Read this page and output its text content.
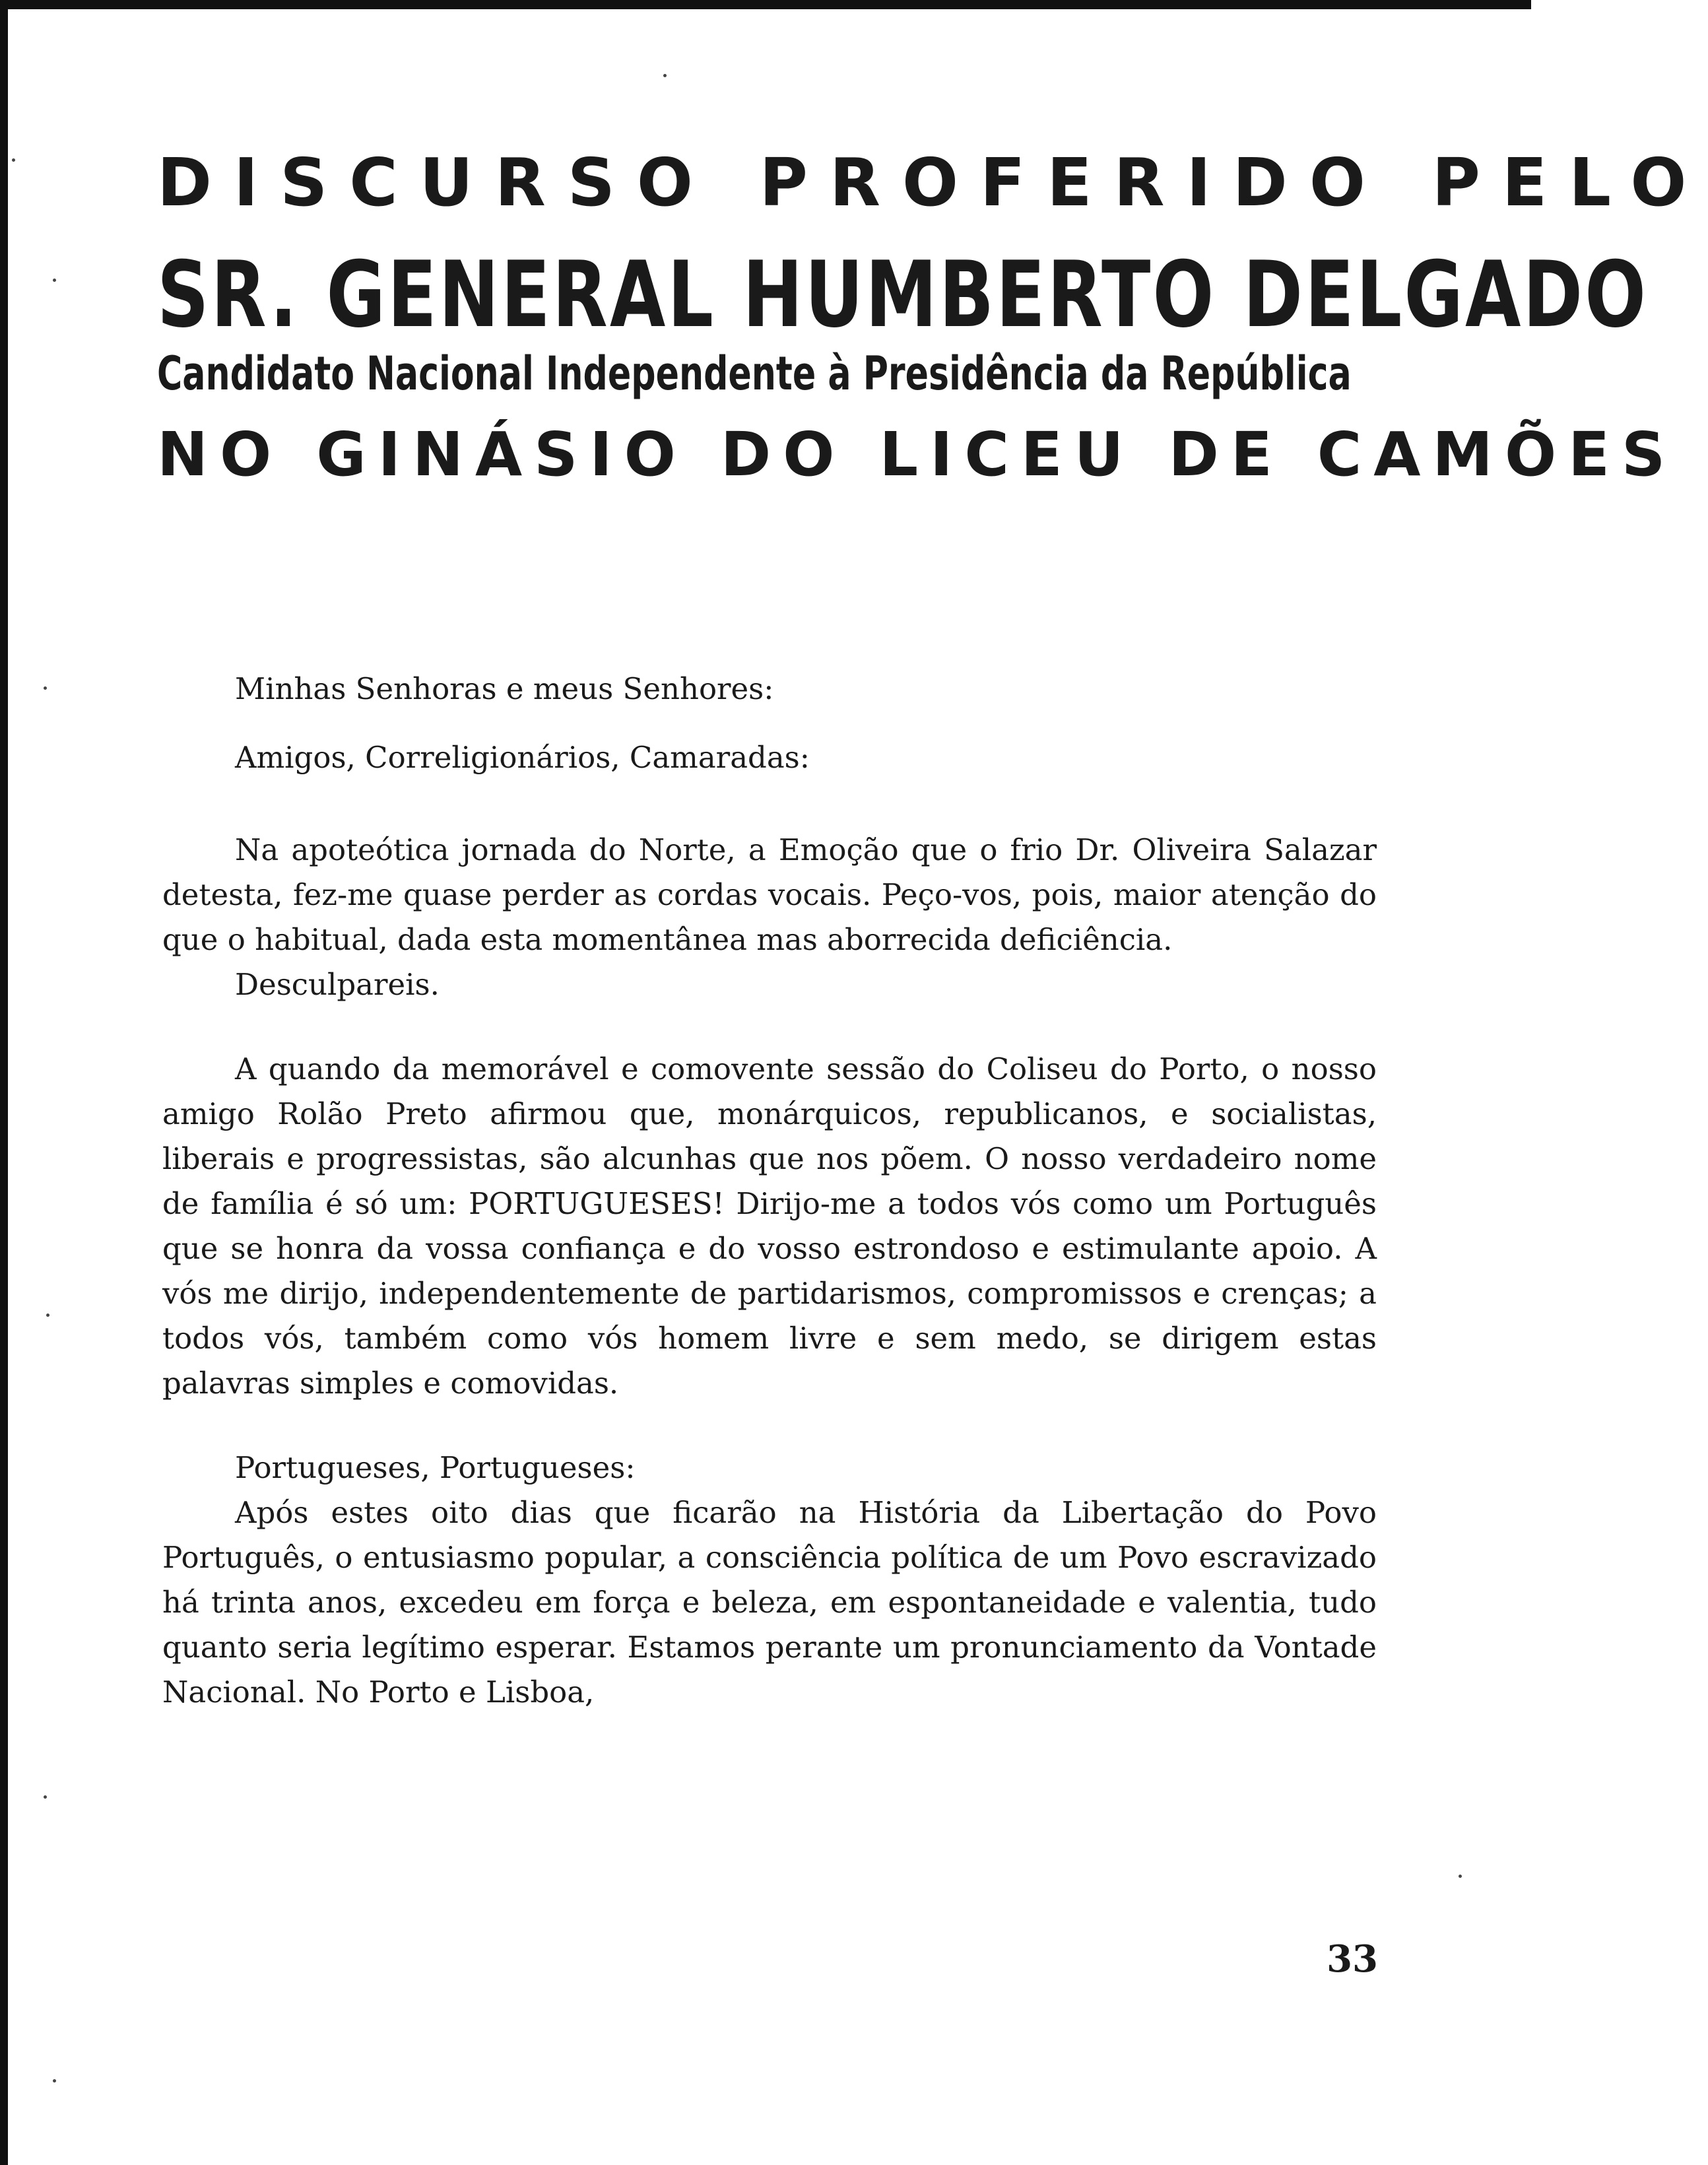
DISCURSO PROFERIDO PELO
SR. GENERAL HUMBERTO DELGADO
Candidato Nacional Independente à Presidência da República
NO GINÁSIO DO LICEU DE CAMÕES

Minhas Senhoras e meus Senhores:

Amigos, Correligionários, Camaradas:

Na apoteótica jornada do Norte, a Emoção que o frio Dr. Oliveira Salazar detesta, fez-me quase perder as cordas vocais. Peço-vos, pois, maior atenção do que o habitual, dada esta momentânea mas aborrecida deficiência.

Desculpareis.

A quando da memorável e comovente sessão do Coliseu do Porto, o nosso amigo Rolão Preto afirmou que, monárquicos, republicanos, e socialistas, liberais e progressistas, são alcunhas que nos põem. O nosso verdadeiro nome de família é só um: PORTUGUESES! Dirijo-me a todos vós como um Português que se honra da vossa confiança e do vosso estrondoso e estimulante apoio. A vós me dirijo, independentemente de partidarismos, compromissos e crenças; a todos vós, também como vós homem livre e sem medo, se dirigem estas palavras simples e comovidas.

Portugueses, Portugueses:

Após estes oito dias que ficarão na História da Libertação do Povo Português, o entusiasmo popular, a consciência política de um Povo escravizado há trinta anos, excedeu em força e beleza, em espontaneidade e valentia, tudo quanto seria legítimo esperar. Estamos perante um pronunciamento da Vontade Nacional. No Porto e Lisboa,

33
